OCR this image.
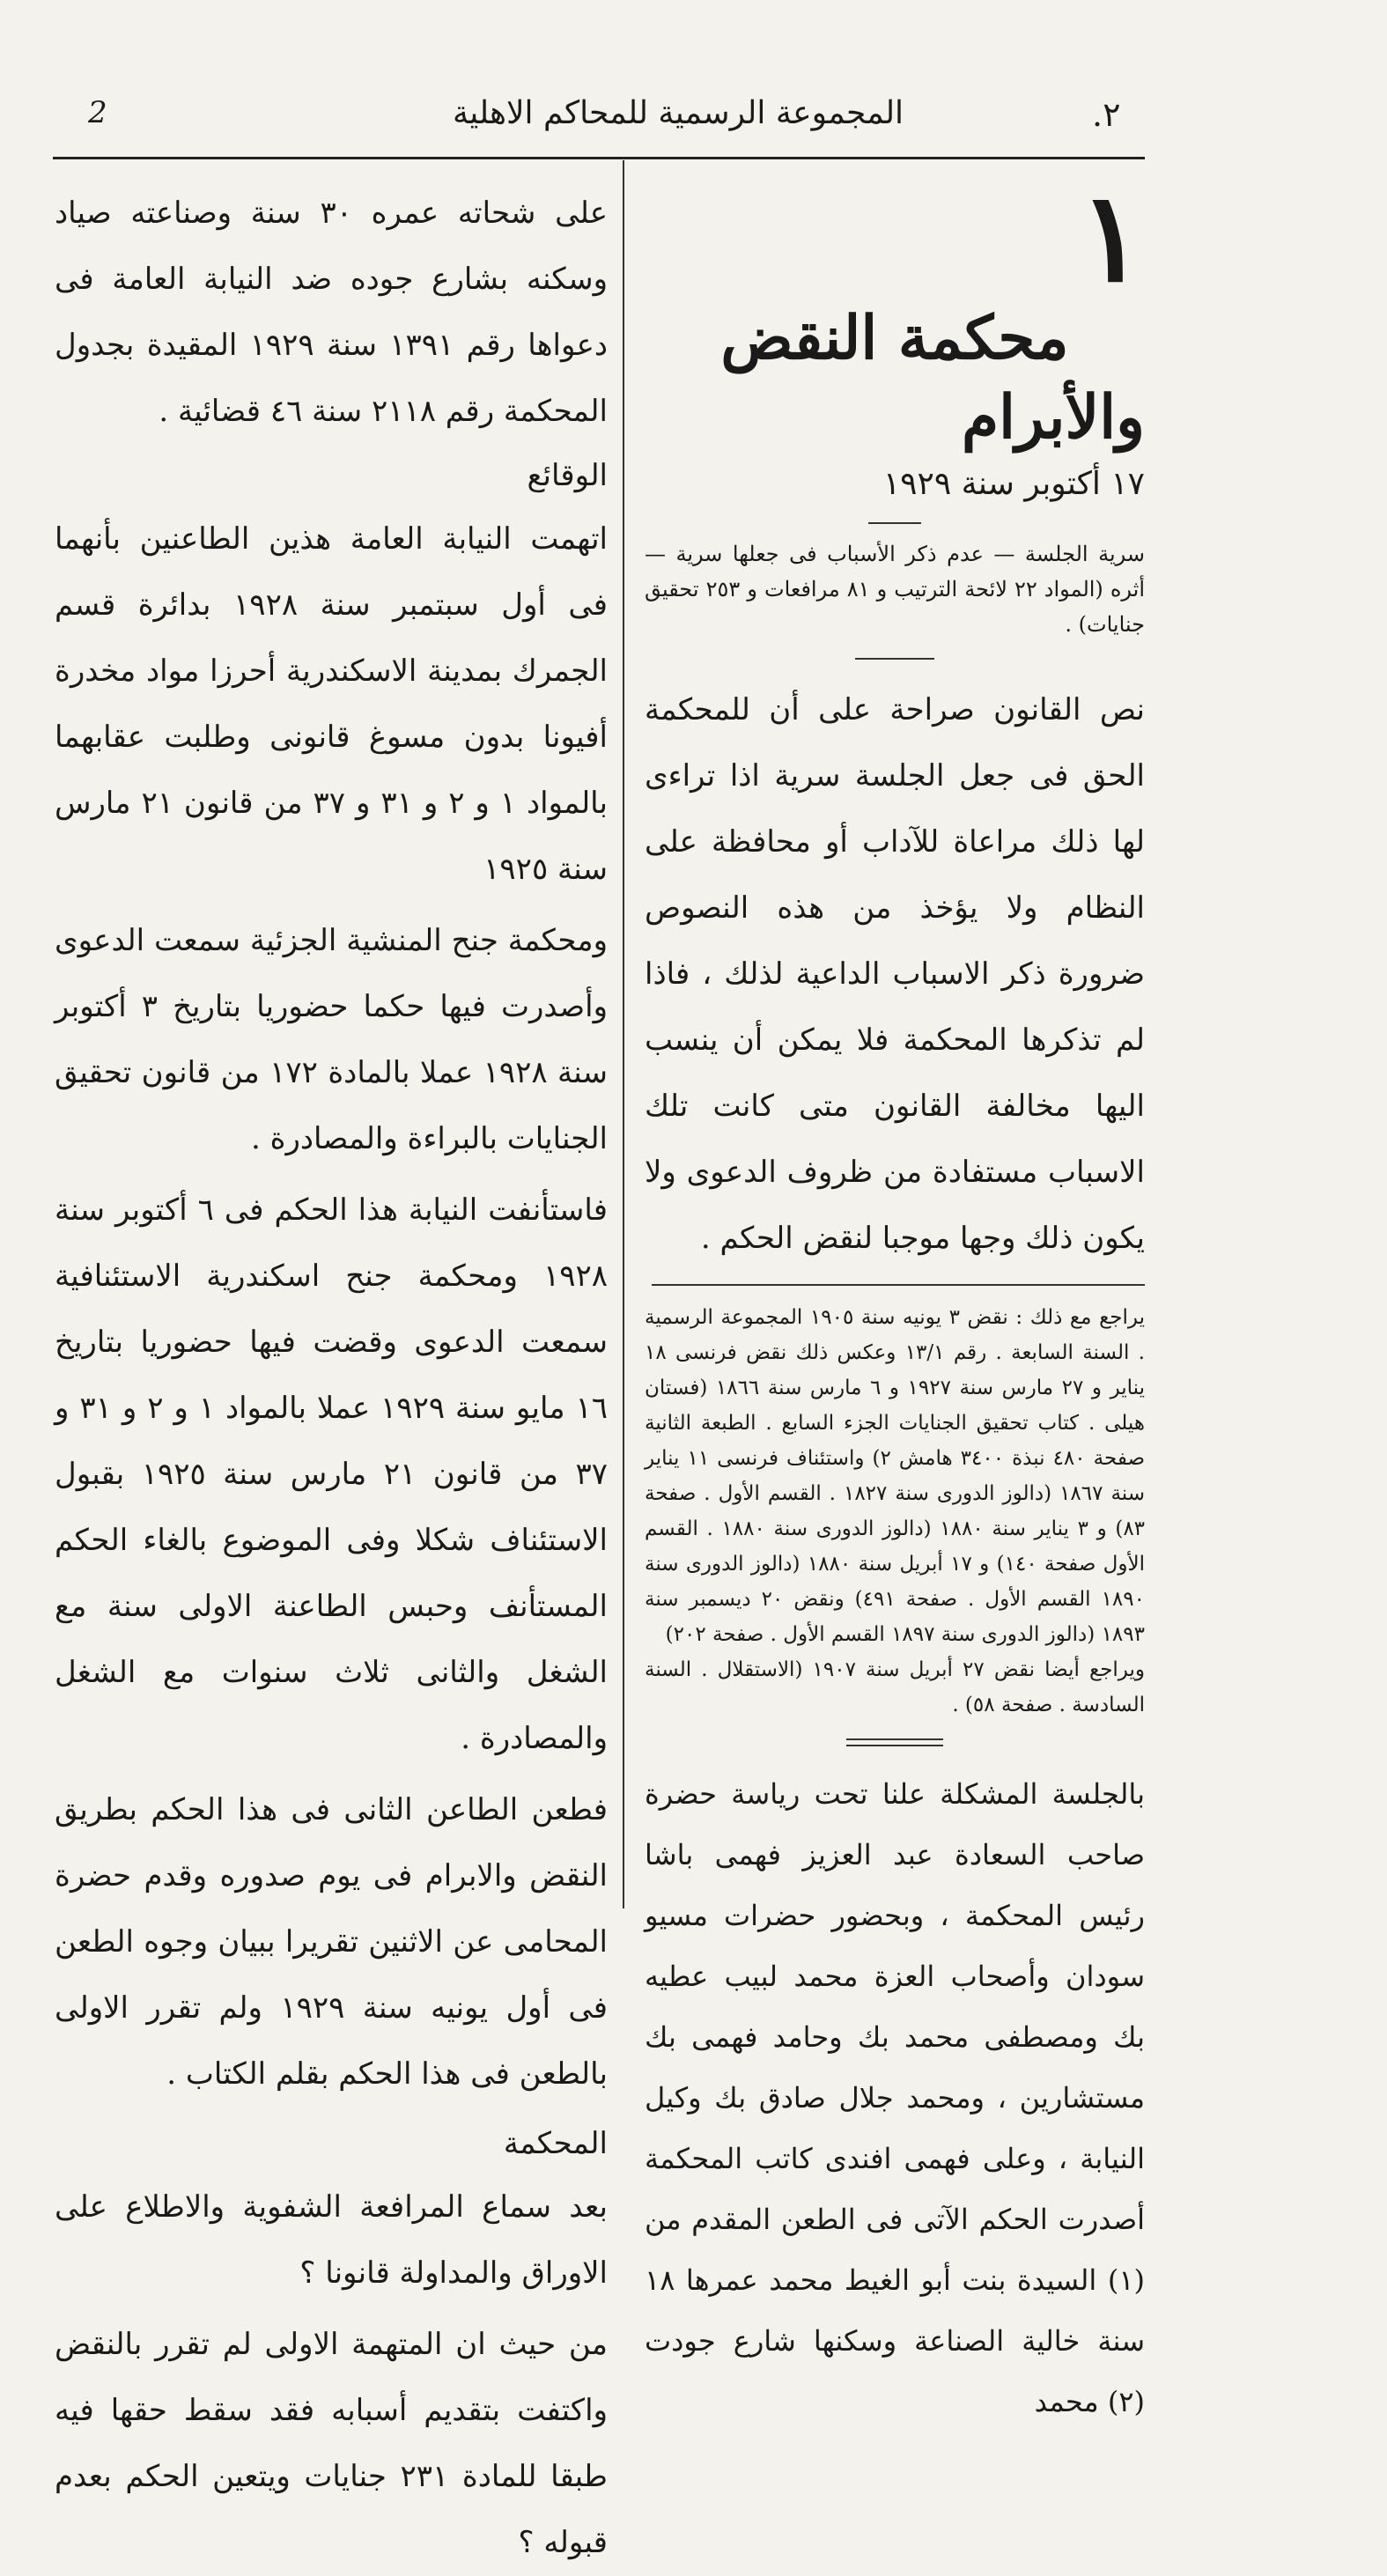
2	المجموعة الرسمية للمحاكم الاهلية	٢.

١

محكمة النقض والأبرام

١٧ أكتوبر سنة ١٩٢٩

سرية الجلسة — عدم ذكر الأسباب فى جعلها سرية — أثره (المواد ٢٢ لائحة الترتيب و ٨١ مرافعات و ٢٥٣ تحقيق جنايات) .

نص القانون صراحة على أن للمحكمة الحق فى جعل الجلسة سرية اذا تراءى لها ذلك مراعاة للآداب أو محافظة على النظام ولا يؤخذ من هذه النصوص ضرورة ذكر الاسباب الداعية لذلك ، فاذا لم تذكرها المحكمة فلا يمكن أن ينسب اليها مخالفة القانون متى كانت تلك الاسباب مستفادة من ظروف الدعوى ولا يكون ذلك وجها موجبا لنقض الحكم .

يراجع مع ذلك : نقض ٣ يونيه سنة ١٩٠٥ المجموعة الرسمية . السنة السابعة . رقم ١٣/١ وعكس ذلك نقض فرنسى ١٨ يناير و ٢٧ مارس سنة ١٩٢٧ و ٦ مارس سنة ١٨٦٦ (فستان هيلى . كتاب تحقيق الجنايات الجزء السابع . الطبعة الثانية صفحة ٤٨٠ نبذة ٣٤٠٠ هامش ٢) واستئناف فرنسى ١١ يناير سنة ١٨٦٧ (دالوز الدورى سنة ١٨٢٧ . القسم الأول . صفحة ٨٣) و ٣ يناير سنة ١٨٨٠ (دالوز الدورى سنة ١٨٨٠ . القسم الأول صفحة ١٤٠) و ١٧ أبريل سنة ١٨٨٠ (دالوز الدورى سنة ١٨٩٠ القسم الأول . صفحة ٤٩١) ونقض ٢٠ ديسمبر سنة ١٨٩٣ (دالوز الدورى سنة ١٨٩٧ القسم الأول . صفحة ٢٠٢)

ويراجع أيضا نقض ٢٧ أبريل سنة ١٩٠٧ (الاستقلال . السنة السادسة . صفحة ٥٨) .

بالجلسة المشكلة علنا تحت رياسة حضرة صاحب السعادة عبد العزيز فهمى باشا رئيس المحكمة ، وبحضور حضرات مسيو سودان وأصحاب العزة محمد لبيب عطيه بك ومصطفى محمد بك وحامد فهمى بك مستشارين ، ومحمد جلال صادق بك وكيل النيابة ، وعلى فهمى افندى كاتب المحكمة أصدرت الحكم الآتى فى الطعن المقدم من (١) السيدة بنت أبو الغيط محمد عمرها ١٨ سنة خالية الصناعة وسكنها شارع جودت (٢) محمد

على شحاته عمره ٣٠ سنة وصناعته صياد وسكنه بشارع جوده ضد النيابة العامة فى دعواها رقم ١٣٩١ سنة ١٩٢٩ المقيدة بجدول المحكمة رقم ٢١١٨ سنة ٤٦ قضائية .

الوقائع

اتهمت النيابة العامة هذين الطاعنين بأنهما فى أول سبتمبر سنة ١٩٢٨ بدائرة قسم الجمرك بمدينة الاسكندرية أحرزا مواد مخدرة أفيونا بدون مسوغ قانونى وطلبت عقابهما بالمواد ١ و ٢ و ٣١ و ٣٧ من قانون ٢١ مارس سنة ١٩٢٥

ومحكمة جنح المنشية الجزئية سمعت الدعوى وأصدرت فيها حكما حضوريا بتاريخ ٣ أكتوبر سنة ١٩٢٨ عملا بالمادة ١٧٢ من قانون تحقيق الجنايات بالبراءة والمصادرة .

فاستأنفت النيابة هذا الحكم فى ٦ أكتوبر سنة ١٩٢٨ ومحكمة جنح اسكندرية الاستئنافية سمعت الدعوى وقضت فيها حضوريا بتاريخ ١٦ مايو سنة ١٩٢٩ عملا بالمواد ١ و ٢ و ٣١ و ٣٧ من قانون ٢١ مارس سنة ١٩٢٥ بقبول الاستئناف شكلا وفى الموضوع بالغاء الحكم المستأنف وحبس الطاعنة الاولى سنة مع الشغل والثانى ثلاث سنوات مع الشغل والمصادرة .

فطعن الطاعن الثانى فى هذا الحكم بطريق النقض والابرام فى يوم صدوره وقدم حضرة المحامى عن الاثنين تقريرا ببيان وجوه الطعن فى أول يونيه سنة ١٩٢٩ ولم تقرر الاولى بالطعن فى هذا الحكم بقلم الكتاب .

المحكمة

بعد سماع المرافعة الشفوية والاطلاع على الاوراق والمداولة قانونا ؟

من حيث ان المتهمة الاولى لم تقرر بالنقض واكتفت بتقديم أسبابه فقد سقط حقها فيه طبقا للمادة ٢٣١ جنايات ويتعين الحكم بعدم قبوله ؟
